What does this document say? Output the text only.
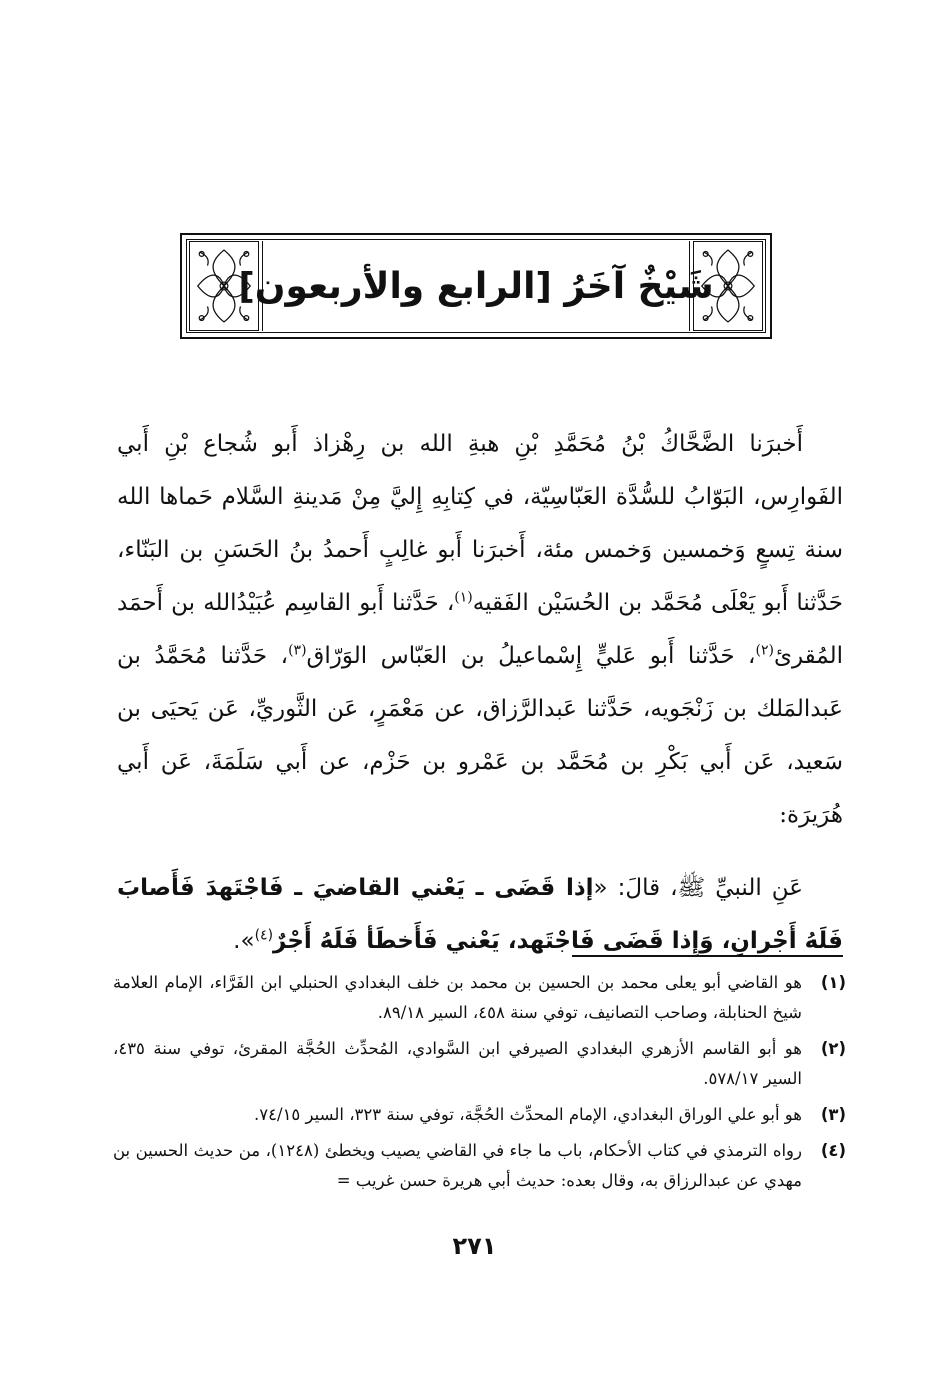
شَيْخٌ آخَرُ [الرابع والأربعون]

أَخبرَنا الضَّحَّاكُ بْنُ مُحَمَّدِ بْنِ هبةِ الله بن رِهْزاذ أَبو شُجاع بْنِ أَبي الفَوارِس، البَوّابُ للسُّدَّة العَبّاسِيّة، في كِتابِهِ إِليَّ مِنْ مَدينةِ السَّلام حَماها الله سنة تِسعٍ وَخمسين وَخمس مئة، أَخبرَنا أَبو غالِبٍ أَحمدُ بنُ الحَسَنِ بن البَنّاء، حَدَّثنا أَبو يَعْلَى مُحَمَّد بن الحُسَيْن الفَقيه$^{(١)}$، حَدَّثنا أَبو القاسِم عُبَيْدُالله بن أَحمَد المُقرئ$^{(٢)}$، حَدَّثنا أَبو عَليٍّ إِسْماعيلُ بن العَبّاس الوَرّاق$^{(٣)}$، حَدَّثنا مُحَمَّدُ بن عَبدالمَلك بن زَنْجَويه، حَدَّثنا عَبدالرَّزاق، عن مَعْمَرٍ، عَن الثَّوريِّ، عَن يَحيَى بن سَعيد، عَن أَبي بَكْرِ بن مُحَمَّد بن عَمْرو بن حَزْم، عن أَبي سَلَمَةَ، عَن أَبي هُرَيرَة:

عَنِ النبيِّ ﷺ، قالَ: «إذا قَضَى ـ يَعْني القاضيَ ـ فَاجْتَهدَ فَأَصابَ فَلَهُ أَجْرانِ، وَإِذا قَضَى فَاجْتَهد، يَعْني فَأَخطَأ فَلَهُ أَجْرٌ$^{(٤)}$».

(١)
هو القاضي أبو يعلى محمد بن الحسين بن محمد بن خلف البغدادي الحنبلي ابن الفَرَّاء، الإمام العلامة شيخ الحنابلة، وصاحب التصانيف، توفي سنة ٤٥٨، السير ٨٩/١٨.
(٢)
هو أبو القاسم الأزهري البغدادي الصيرفي ابن السَّوادي، المُحدِّث الحُجَّة المقرئ، توفي سنة ٤٣٥، السير ٥٧٨/١٧.
(٣)
هو أبو علي الوراق البغدادي، الإمام المحدِّث الحُجَّة، توفي سنة ٣٢٣، السير ٧٤/١٥.
(٤)
رواه الترمذي في كتاب الأحكام، باب ما جاء في القاضي يصيب ويخطئ (١٢٤٨)، من حديث الحسين بن مهدي عن عبدالرزاق به، وقال بعده: حديث أبي هريرة حسن غريب =
٢٧١
